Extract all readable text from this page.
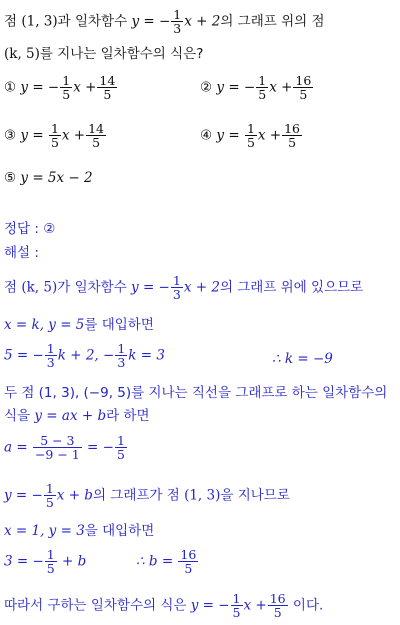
점 (1, 3)과 일차함수 y = − $\frac{1}{3}$ x + 2의 그래프 위의 점
(k, 5)를 지나는 일차함수의 식은?
① y = − $\frac{1}{5}$ $x + \frac{14}{5}$	② y = − $\frac{1}{5}$ $x + \frac{16}{5}$
③ $y = \frac{1}{5}$ $x + \frac{14}{5}$	④ $y = \frac{1}{5}$ $x + \frac{16}{5}$
⑤ y = 5x − 2
정답 : ②
해설 :
점 (k, 5)가 일차함수 y = − $\frac{1}{3}$ x + 2의 그래프 위에 있으므로
x = k, y = 5를 대입하면
5 = − $\frac{1}{3}$ k + 2, − $\frac{1}{3}$ k = 3	∴ k = −9
두 점 (1, 3), (−9, 5)를 지나는 직선을 그래프로 하는 일차함수의
식을 y = ax + b라 하면
$a = \frac{5 - 3}{-9 - 1}$ = − $\frac{1}{5}$
y = − $\frac{1}{5}$ x + b의 그래프가 점 (1, 3)을 지나므로
x = 1, y = 3을 대입하면
3 = − $\frac{1}{5} + b$	∴ $b = \frac{16}{5}$
따라서 구하는 일차함수의 식은 y = − $\frac{1}{5}$ $x + \frac{16}{5}$ 이다.
